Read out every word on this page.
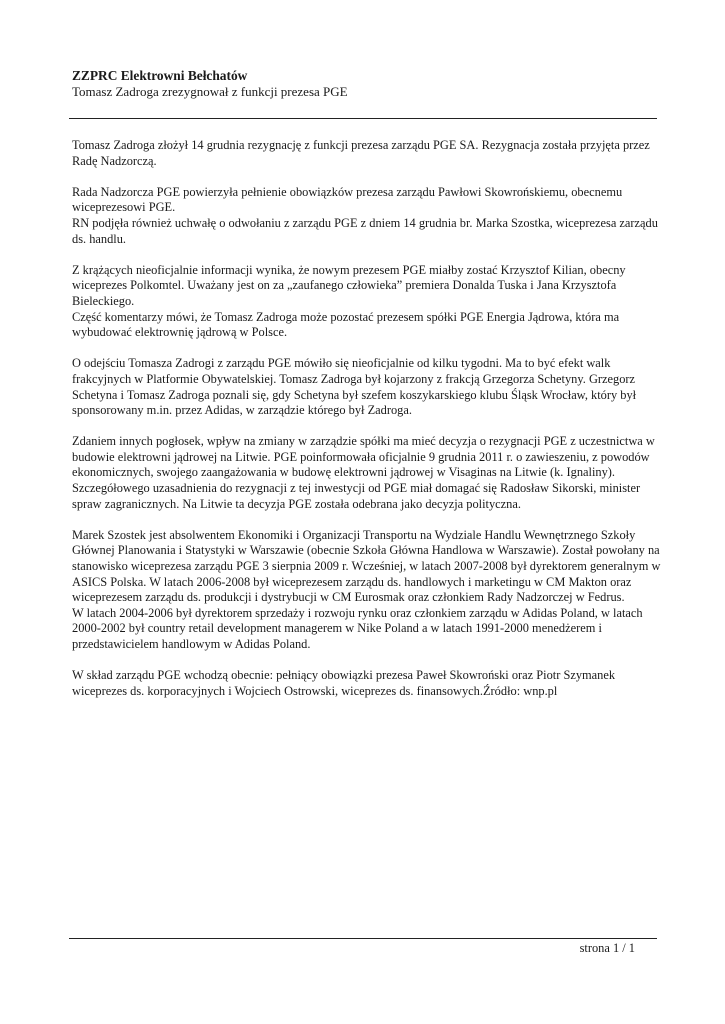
ZZPRC Elektrowni Bełchatów

Tomasz Zadroga zrezygnował z funkcji prezesa PGE

Tomasz Zadroga złożył 14 grudnia rezygnację z funkcji prezesa zarządu PGE SA. Rezygnacja została przyjęta przez
Radę Nadzorczą.

Rada Nadzorcza PGE powierzyła pełnienie obowiązków prezesa zarządu Pawłowi Skowrońskiemu, obecnemu
wiceprezesowi PGE.
RN podjęła również uchwałę o odwołaniu z zarządu PGE z dniem 14 grudnia br. Marka Szostka, wiceprezesa zarządu
ds. handlu.

Z krążących nieoficjalnie informacji wynika, że nowym prezesem PGE miałby zostać Krzysztof Kilian, obecny
wiceprezes Polkomtel. Uważany jest on za „zaufanego człowieka” premiera Donalda Tuska i Jana Krzysztofa
Bieleckiego.
Część komentarzy mówi, że Tomasz Zadroga może pozostać prezesem spółki PGE Energia Jądrowa, która ma
wybudować elektrownię jądrową w Polsce.

O odejściu Tomasza Zadrogi z zarządu PGE mówiło się nieoficjalnie od kilku tygodni. Ma to być efekt walk
frakcyjnych w Platformie Obywatelskiej. Tomasz Zadroga był kojarzony z frakcją Grzegorza Schetyny. Grzegorz
Schetyna i Tomasz Zadroga poznali się, gdy Schetyna był szefem koszykarskiego klubu Śląsk Wrocław, który był
sponsorowany m.in. przez Adidas, w zarządzie którego był Zadroga.

Zdaniem innych pogłosek, wpływ na zmiany w zarządzie spółki ma mieć decyzja o rezygnacji PGE z uczestnictwa w
budowie elektrowni jądrowej na Litwie. PGE poinformowała oficjalnie 9 grudnia 2011 r. o zawieszeniu, z powodów
ekonomicznych, swojego zaangażowania w budowę elektrowni jądrowej w Visaginas na Litwie (k. Ignaliny).
Szczegółowego uzasadnienia do rezygnacji z tej inwestycji od PGE miał domagać się Radosław Sikorski, minister
spraw zagranicznych. Na Litwie ta decyzja PGE została odebrana jako decyzja polityczna.

Marek Szostek jest absolwentem Ekonomiki i Organizacji Transportu na Wydziale Handlu Wewnętrznego Szkoły
Głównej Planowania i Statystyki w Warszawie (obecnie Szkoła Główna Handlowa w Warszawie). Został powołany na
stanowisko wiceprezesa zarządu PGE 3 sierpnia 2009 r. Wcześniej, w latach 2007-2008 był dyrektorem generalnym w
ASICS Polska. W latach 2006-2008 był wiceprezesem zarządu ds. handlowych i marketingu w CM Makton oraz
wiceprezesem zarządu ds. produkcji i dystrybucji w CM Eurosmak oraz członkiem Rady Nadzorczej w Fedrus.
W latach 2004-2006 był dyrektorem sprzedaży i rozwoju rynku oraz członkiem zarządu w Adidas Poland, w latach
2000-2002 był country retail development managerem w Nike Poland a w latach 1991-2000 menedżerem i
przedstawicielem handlowym w Adidas Poland.

W skład zarządu PGE wchodzą obecnie: pełniący obowiązki prezesa Paweł Skowroński oraz Piotr Szymanek
wiceprezes ds. korporacyjnych i Wojciech Ostrowski, wiceprezes ds. finansowych.Źródło: wnp.pl

strona 1 / 1
